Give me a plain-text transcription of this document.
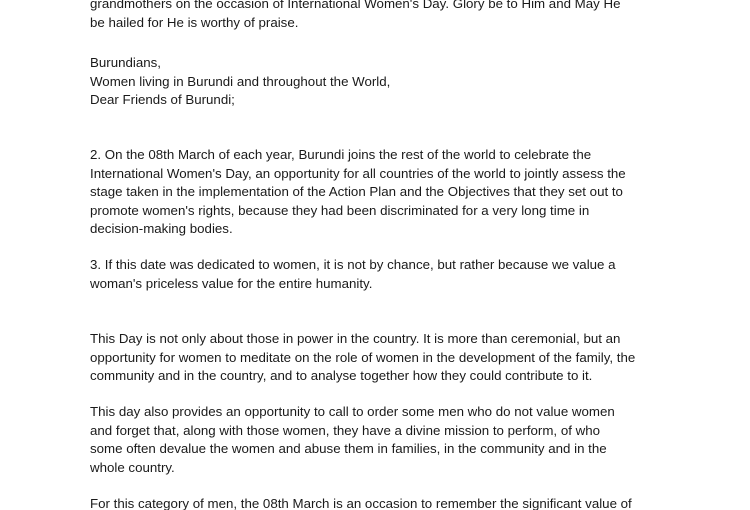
grandmothers on the occasion of International Women's Day. Glory be to Him and May He
be hailed for He is worthy of praise.

Burundians,
Women living in Burundi and throughout the World,
Dear Friends of Burundi;

2. On the 08th March of each year, Burundi joins the rest of the world to celebrate the
International Women's Day, an opportunity for all countries of the world to jointly assess the
stage taken in the implementation of the Action Plan and the Objectives that they set out to
promote women's rights, because they had been discriminated for a very long time in
decision-making bodies.

3. If this date was dedicated to women, it is not by chance, but rather because we value a
woman's priceless value for the entire humanity.

This Day is not only about those in power in the country. It is more than ceremonial, but an
opportunity for women to meditate on the role of women in the development of the family, the
community and in the country, and to analyse together how they could contribute to it.

This day also provides an opportunity to call to order some men who do not value women
and forget that, along with those women, they have a divine mission to perform, of who
some often devalue the women and abuse them in families, in the community and in the
whole country.

For this category of men, the 08th March is an occasion to remember the significant value of
